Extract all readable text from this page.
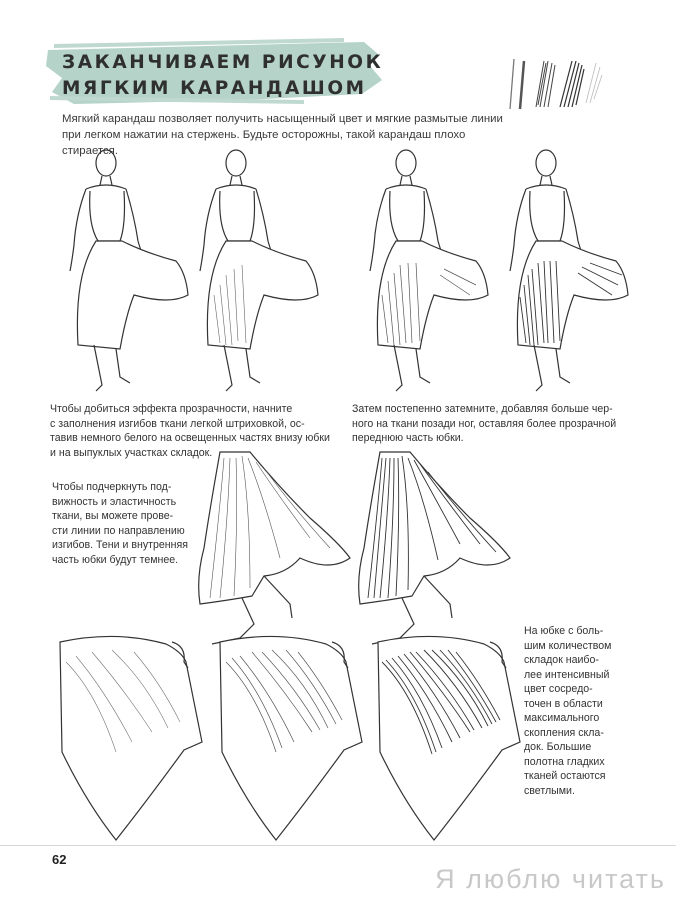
ЗАКАНЧИВАЕМ РИСУНОК
МЯГКИМ КАРАНДАШОМ

Мягкий карандаш позволяет получить насыщенный цвет и мягкие размытые линии
при легком нажатии на стержень. Будьте осторожны, такой карандаш плохо стирается.

Чтобы добиться эффекта прозрачности, начните
с заполнения изгибов ткани легкой штриховкой, ос-
тавив немного белого на освещенных частях внизу юбки
и на выпуклых участках складок.

Затем постепенно затемните, добавляя больше чер-
ного на ткани позади ног, оставляя более прозрачной
переднюю часть юбки.

Чтобы подчеркнуть под-
вижность и эластичность
ткани, вы можете прове-
сти линии по направлению
изгибов. Тени и внутренняя
часть юбки будут темнее.

На юбке с боль-
шим количеством
складок наибо-
лее интенсивный
цвет сосредо-
точен в области
максимального
скопления скла-
док. Большие
полотна гладких
тканей остаются
светлыми.

62
Я люблю читать
